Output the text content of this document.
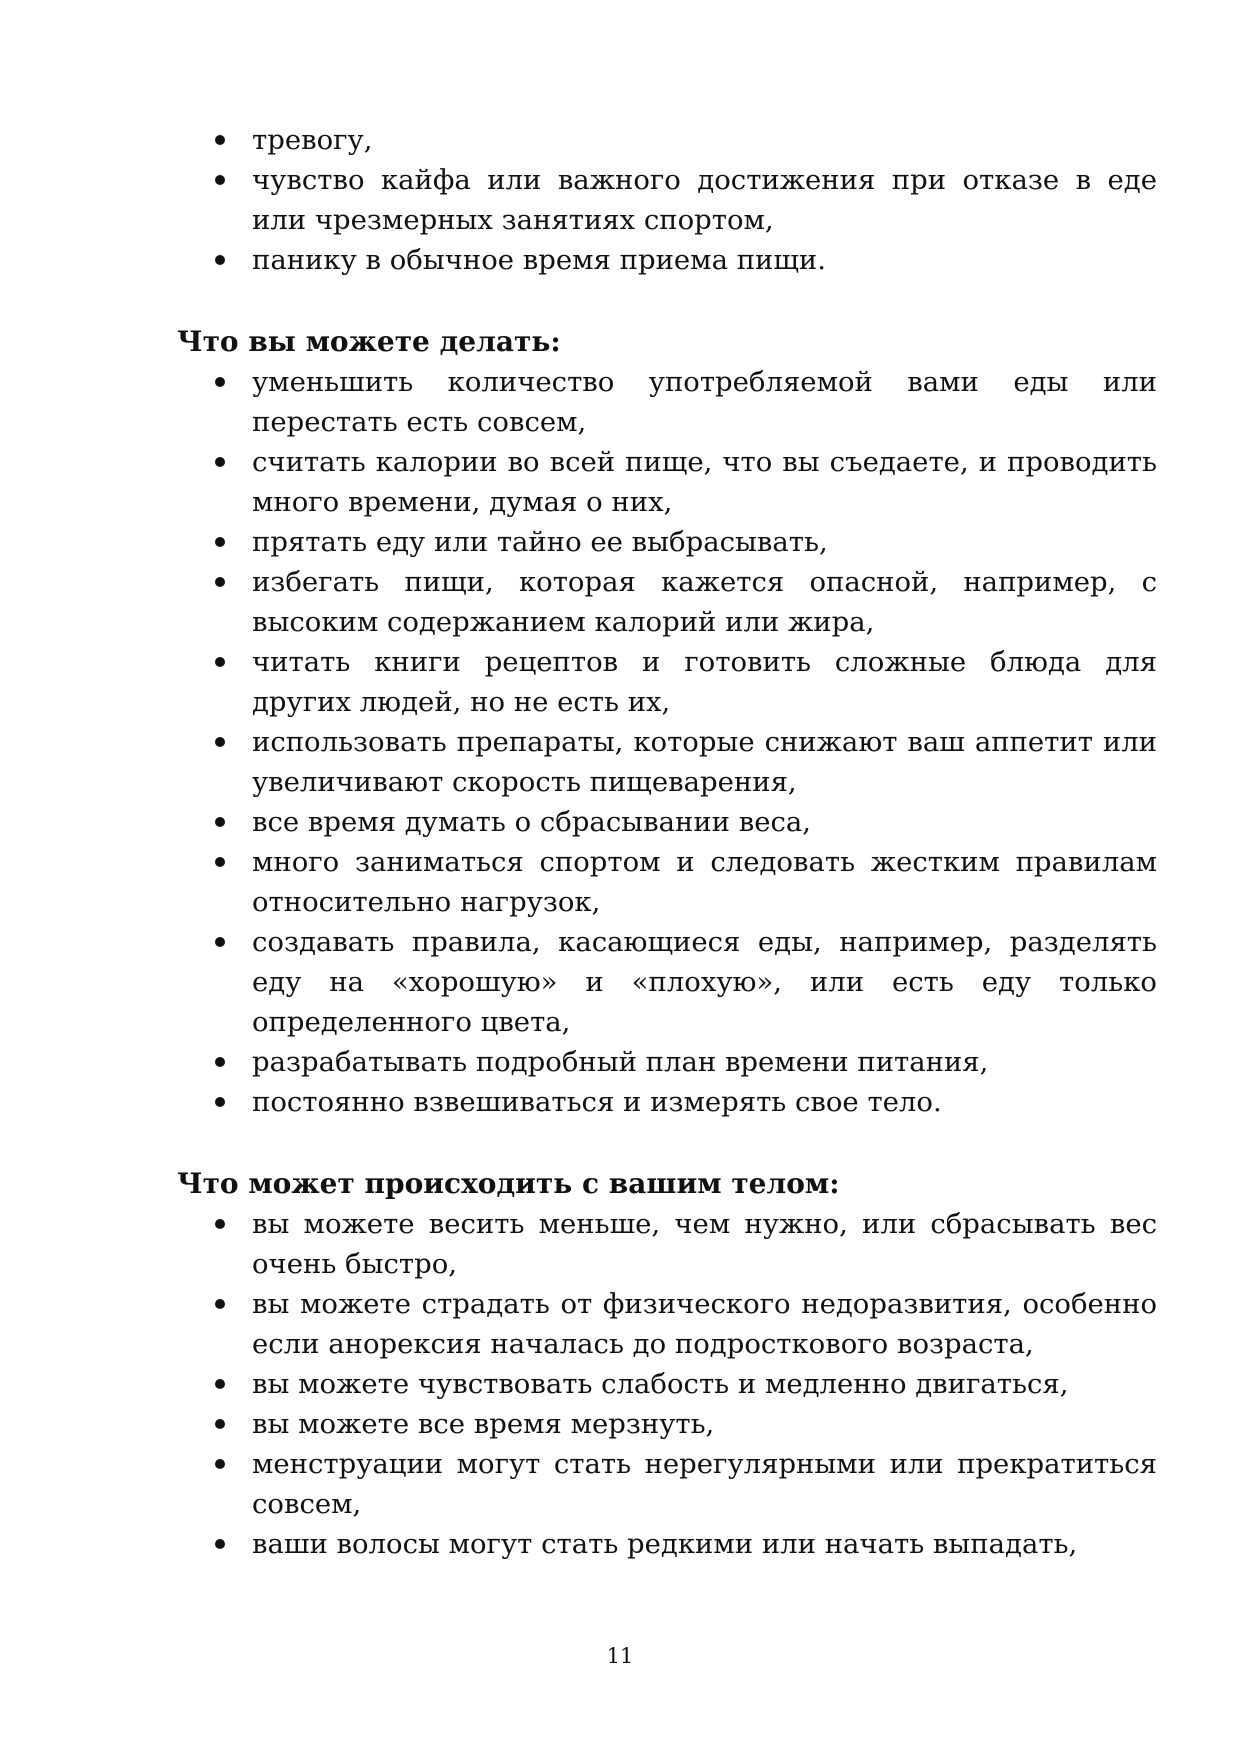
тревогу,
чувство кайфа или важного достижения при отказе в еде или чрезмерных занятиях спортом,
панику в обычное время приема пищи.

Что вы можете делать:

уменьшить количество употребляемой вами еды или перестать есть совсем,
считать калории во всей пище, что вы съедаете, и проводить много времени, думая о них,
прятать еду или тайно ее выбрасывать,
избегать пищи, которая кажется опасной, например, с высоким содержанием калорий или жира,
читать книги рецептов и готовить сложные блюда для других людей, но не есть их,
использовать препараты, которые снижают ваш аппетит или увеличивают скорость пищеварения,
все время думать о сбрасывании веса,
много заниматься спортом и следовать жестким правилам относительно нагрузок,
создавать правила, касающиеся еды, например, разделять еду на «хорошую» и «плохую», или есть еду только определенного цвета,
разрабатывать подробный план времени питания,
постоянно взвешиваться и измерять свое тело.

Что может происходить с вашим телом:

вы можете весить меньше, чем нужно, или сбрасывать вес очень быстро,
вы можете страдать от физического недоразвития, особенно если анорексия началась до подросткового возраста,
вы можете чувствовать слабость и медленно двигаться,
вы можете все время мерзнуть,
менструации могут стать нерегулярными или прекратиться совсем,
ваши волосы могут стать редкими или начать выпадать,
11
